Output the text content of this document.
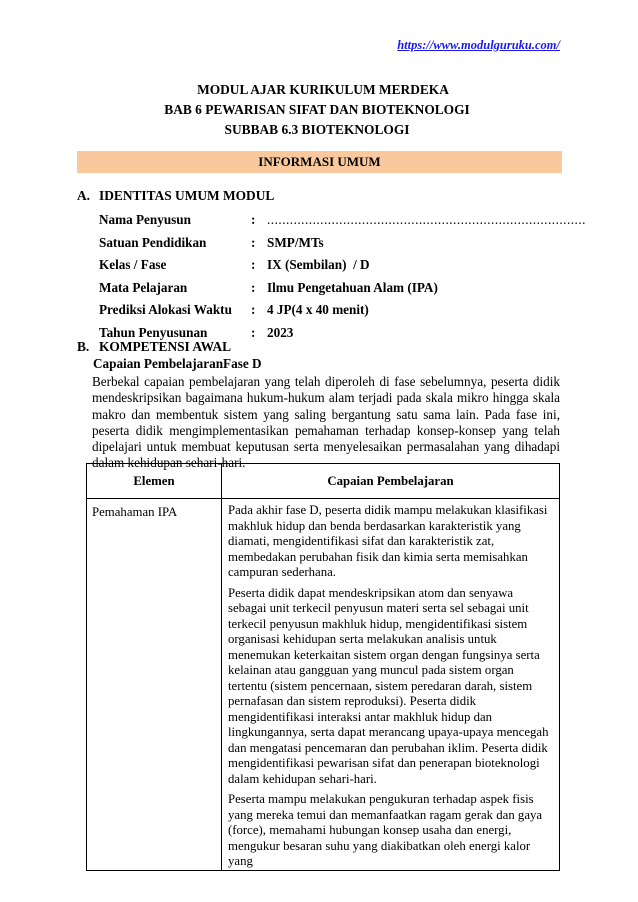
https://www.modulguruku.com/
MODUL AJAR KURIKULUM MERDEKA
BAB 6 PEWARISAN SIFAT DAN BIOTEKNOLOGI
SUBBAB 6.3 BIOTEKNOLOGI
INFORMASI UMUM
A. IDENTITAS UMUM MODUL
Nama Penyusun	: ....................................................................................
Satuan Pendidikan	: SMP/MTs
Kelas / Fase	: IX (Sembilan)  / D
Mata Pelajaran	: Ilmu Pengetahuan Alam (IPA)
Prediksi Alokasi Waktu : 4 JP(4 x 40 menit)
Tahun Penyusunan	: 2023
B. KOMPETENSI AWAL
Capaian PembelajaranFase D
Berbekal capaian pembelajaran yang telah diperoleh di fase sebelumnya, peserta didik mendeskripsikan bagaimana hukum-hukum alam terjadi pada skala mikro hingga skala makro dan membentuk sistem yang saling bergantung satu sama lain. Pada fase ini, peserta didik mengimplementasikan pemahaman terhadap konsep-konsep yang telah dipelajari untuk membuat keputusan serta menyelesaikan permasalahan yang dihadapi dalam kehidupan sehari-hari.
Elemen	Capaian Pembelajaran
Pemahaman IPA	Pada akhir fase D, peserta didik mampu melakukan klasifikasi makhluk hidup dan benda berdasarkan karakteristik yang diamati, mengidentifikasi sifat dan karakteristik zat, membedakan perubahan fisik dan kimia serta memisahkan campuran sederhana.

Peserta didik dapat mendeskripsikan atom dan senyawa sebagai unit terkecil penyusun materi serta sel sebagai unit terkecil penyusun makhluk hidup, mengidentifikasi sistem organisasi kehidupan serta melakukan analisis untuk menemukan keterkaitan sistem organ dengan fungsinya serta kelainan atau gangguan yang muncul pada sistem organ tertentu (sistem pencernaan, sistem peredaran darah, sistem pernafasan dan sistem reproduksi). Peserta didik mengidentifikasi interaksi antar makhluk hidup dan lingkungannya, serta dapat merancang upaya-upaya mencegah dan mengatasi pencemaran dan perubahan iklim. Peserta didik mengidentifikasi pewarisan sifat dan penerapan bioteknologi dalam kehidupan sehari-hari.

Peserta mampu melakukan pengukuran terhadap aspek fisis yang mereka temui dan memanfaatkan ragam gerak dan gaya (force), memahami hubungan konsep usaha dan energi, mengukur besaran suhu yang diakibatkan oleh energi kalor yang
